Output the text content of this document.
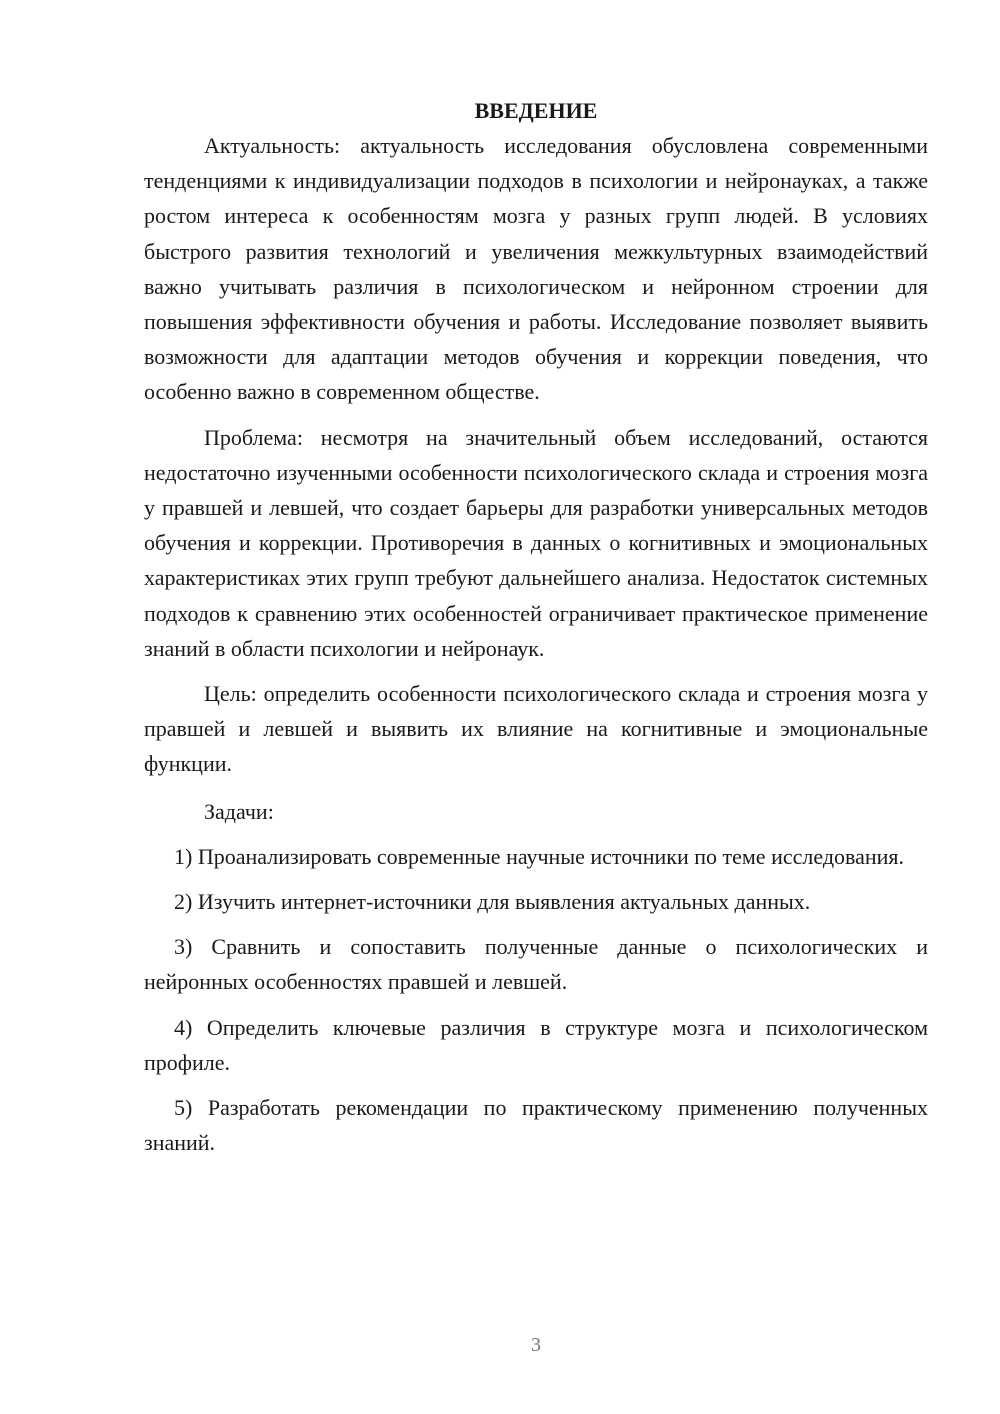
ВВЕДЕНИЕ

Актуальность: актуальность исследования обусловлена современными тенденциями к индивидуализации подходов в психологии и нейронауках, а также ростом интереса к особенностям мозга у разных групп людей. В условиях быстрого развития технологий и увеличения межкультурных взаимодействий важно учитывать различия в психологическом и нейронном строении для повышения эффективности обучения и работы. Исследование позволяет выявить возможности для адаптации методов обучения и коррекции поведения, что особенно важно в современном обществе.

Проблема: несмотря на значительный объем исследований, остаются недостаточно изученными особенности психологического склада и строения мозга у правшей и левшей, что создает барьеры для разработки универсальных методов обучения и коррекции. Противоречия в данных о когнитивных и эмоциональных характеристиках этих групп требуют дальнейшего анализа. Недостаток системных подходов к сравнению этих особенностей ограничивает практическое применение знаний в области психологии и нейронаук.

Цель: определить особенности психологического склада и строения мозга у правшей и левшей и выявить их влияние на когнитивные и эмоциональные функции.

Задачи:

1) Проанализировать современные научные источники по теме исследования.

2) Изучить интернет-источники для выявления актуальных данных.

3) Сравнить и сопоставить полученные данные о психологических и нейронных особенностях правшей и левшей.

4) Определить ключевые различия в структуре мозга и психологическом профиле.

5) Разработать рекомендации по практическому применению полученных знаний.

3
